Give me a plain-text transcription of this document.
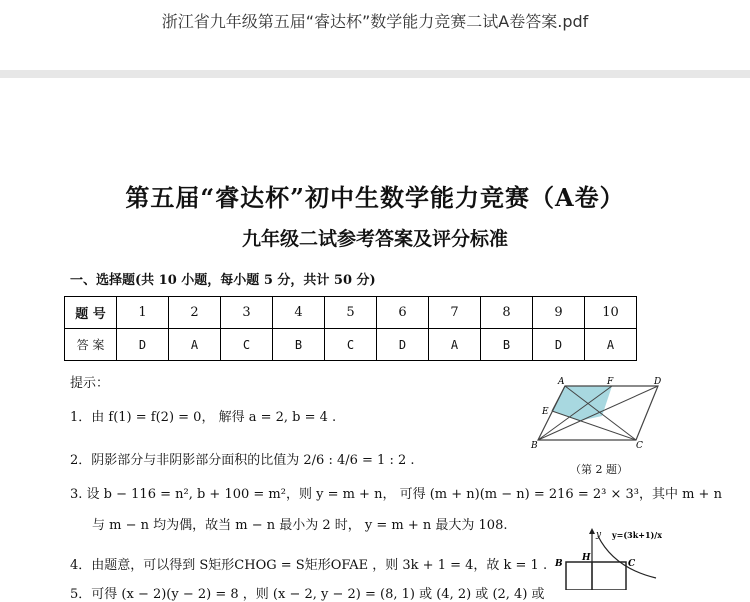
浙江省九年级第五届“睿达杯”数学能力竞赛二试A卷答案.pdf
第五届“睿达杯”初中生数学能力竞赛（A卷）
九年级二试参考答案及评分标准
一、选择题(共 10 小题，每小题 5 分，共计 50 分)
题 号	1	2	3	4	5	6	7	8	9	10
答 案	D	A	C	B	C	D	A	B	D	A
提示：
1．由 f(1) = f(2) = 0， 解得 a = 2, b = 4 .
2．阴影部分与非阴影部分面积的比值为 2/6 : 4/6 = 1 : 2 .
3. 设 b − 116 = n², b + 100 = m²，则 y = m + n， 可得 (m + n)(m − n) = 216 = 2³ × 3³，其中 m + n
与 m − n 均为偶，故当 m − n 最小为 2 时， y = m + n 最大为 108.
4．由题意，可以得到 S矩形CHOG = S矩形OFAE ，则 3k + 1 = 4，故 k = 1 .
5．可得 (x − 2)(y − 2) = 8 ，则 (x − 2, y − 2) = (8, 1) 或 (4, 2) 或 (2, 4) 或
A	F	D
E
B	C
（第 2 题）
y y=(3k+1)/x
B
H
C
